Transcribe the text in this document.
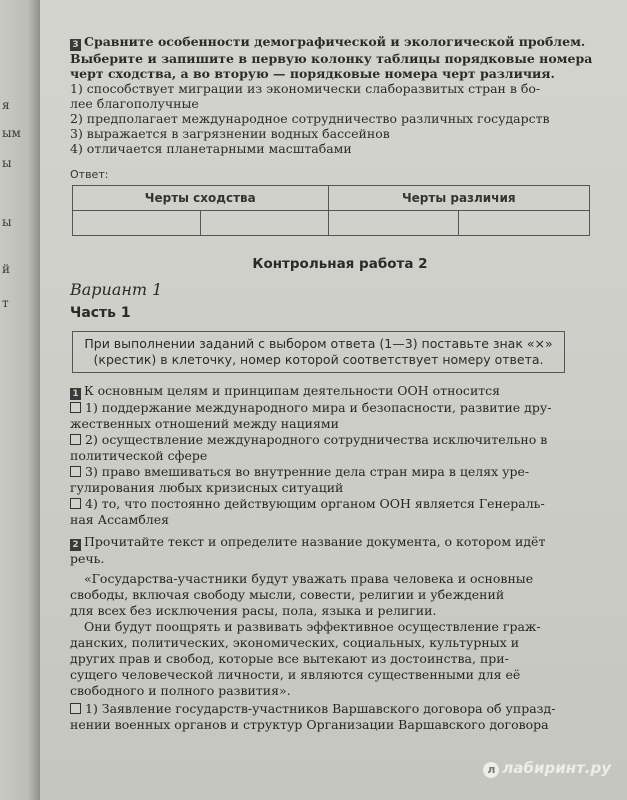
я
ым
ы
ы
й
т

3 Сравните особенности демографической и экологической проблем.

Выберите и запишите в первую колонку таблицы порядковые номера

черт сходства, а во вторую — порядковые номера черт различия.

1) способствует миграции из экономически слаборазвитых стран в бо-

лее благополучные

2) предполагает международное сотрудничество различных государств

3) выражается в загрязнении водных бассейнов

4) отличается планетарными масштабами

Ответ:
Черты сходства		Черты различия	

Контрольная работа 2
Вариант 1
Часть 1
При выполнении заданий с выбором ответа (1—3) поставьте знак «×» (крестик) в клеточку, номер которой соответствует номеру ответа.

1 К основным целям и принципам деятельности ООН относится

1) поддержание международного мира и безопасности, развитие дру-

жественных отношений между нациями

2) осуществление международного сотрудничества исключительно в

политической сфере

3) право вмешиваться во внутренние дела стран мира в целях уре-

гулирования любых кризисных ситуаций

4) то, что постоянно действующим органом ООН является Генераль-

ная Ассамблея

2 Прочитайте текст и определите название документа, о котором идёт

речь.

«Государства-участники будут уважать права человека и основные

свободы, включая свободу мысли, совести, религии и убеждений

для всех без исключения расы, пола, языка и религии.

Они будут поощрять и развивать эффективное осуществление граж-

данских, политических, экономических, социальных, культурных и

других прав и свобод, которые все вытекают из достоинства, при-

сущего человеческой личности, и являются существенными для её

свободного и полного развития».

1) Заявление государств-участников Варшавского договора об упразд-

нении военных органов и структур Организации Варшавского договора

л лабиринт.ру
